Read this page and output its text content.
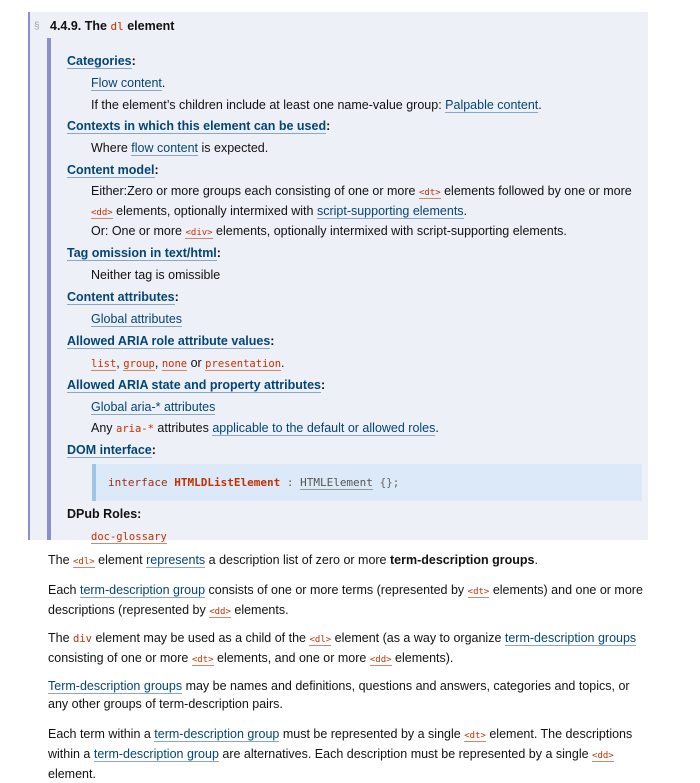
§ 4.4.9. The dl element
Categories:
Flow content.
If the element’s children include at least one name-value group: Palpable content.
Contexts in which this element can be used:
Where flow content is expected.
Content model:
Either:Zero or more groups each consisting of one or more <dt> elements followed by one or more <dd> elements, optionally intermixed with script-supporting elements.
Or: One or more <div> elements, optionally intermixed with script-supporting elements.
Tag omission in text/html:
Neither tag is omissible
Content attributes:
Global attributes
Allowed ARIA role attribute values:
list, group, none or presentation.
Allowed ARIA state and property attributes:
Global aria-* attributes
Any aria-* attributes applicable to the default or allowed roles.
DOM interface:
interface HTMLDListElement : HTMLElement {};
DPub Roles:
doc-glossary
The <dl> element represents a description list of zero or more term-description groups.
Each term-description group consists of one or more terms (represented by <dt> elements) and one or more descriptions (represented by <dd> elements.
The div element may be used as a child of the <dl> element (as a way to organize term-description groups consisting of one or more <dt> elements, and one or more <dd> elements).
Term-description groups may be names and definitions, questions and answers, categories and topics, or any other groups of term-description pairs.
Each term within a term-description group must be represented by a single <dt> element. The descriptions within a term-description group are alternatives. Each description must be represented by a single <dd> element.
